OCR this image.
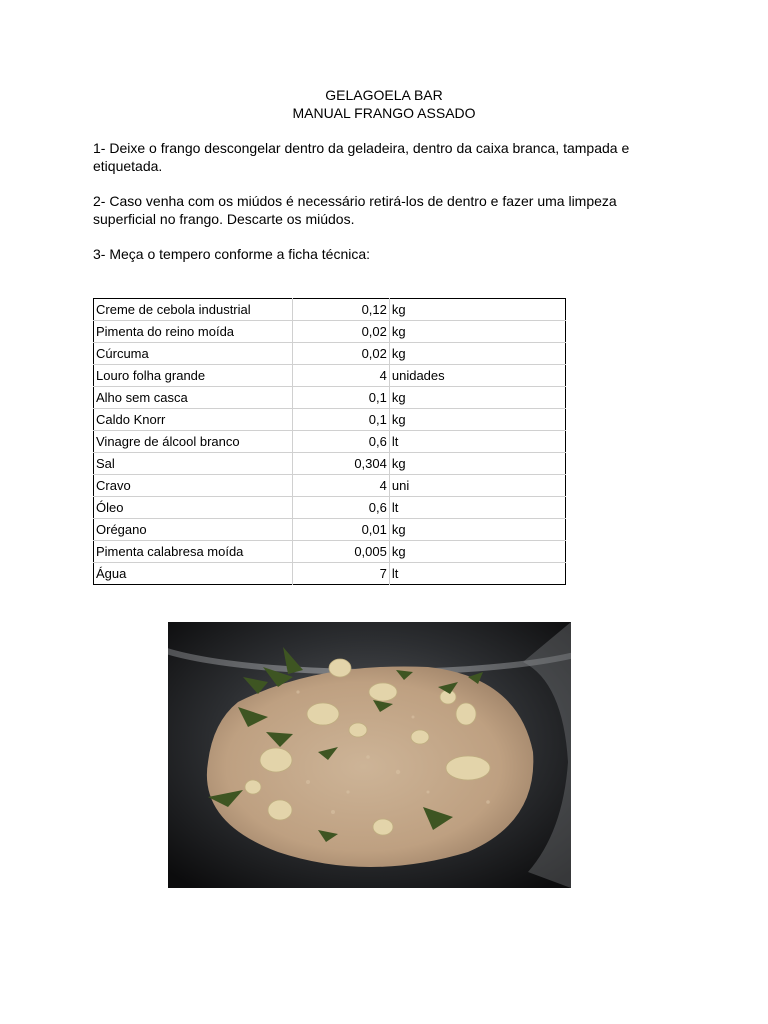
GELAGOELA BAR
MANUAL FRANGO ASSADO
1- Deixe o frango descongelar dentro da geladeira, dentro da caixa branca, tampada e etiquetada.
2- Caso venha com os miúdos é necessário retirá-los de dentro e fazer uma limpeza superficial no frango. Descarte os miúdos.
3- Meça o tempero conforme a ficha técnica:
Creme de cebola industrial	0,12	kg
Pimenta do reino moída	0,02	kg
Cúrcuma	0,02	kg
Louro folha grande	4	unidades
Alho sem casca	0,1	kg
Caldo Knorr	0,1	kg
Vinagre de álcool branco	0,6	lt
Sal	0,304	kg
Cravo	4	uni
Óleo	0,6	lt
Orégano	0,01	kg
Pimenta calabresa moída	0,005	kg
Água	7	lt
